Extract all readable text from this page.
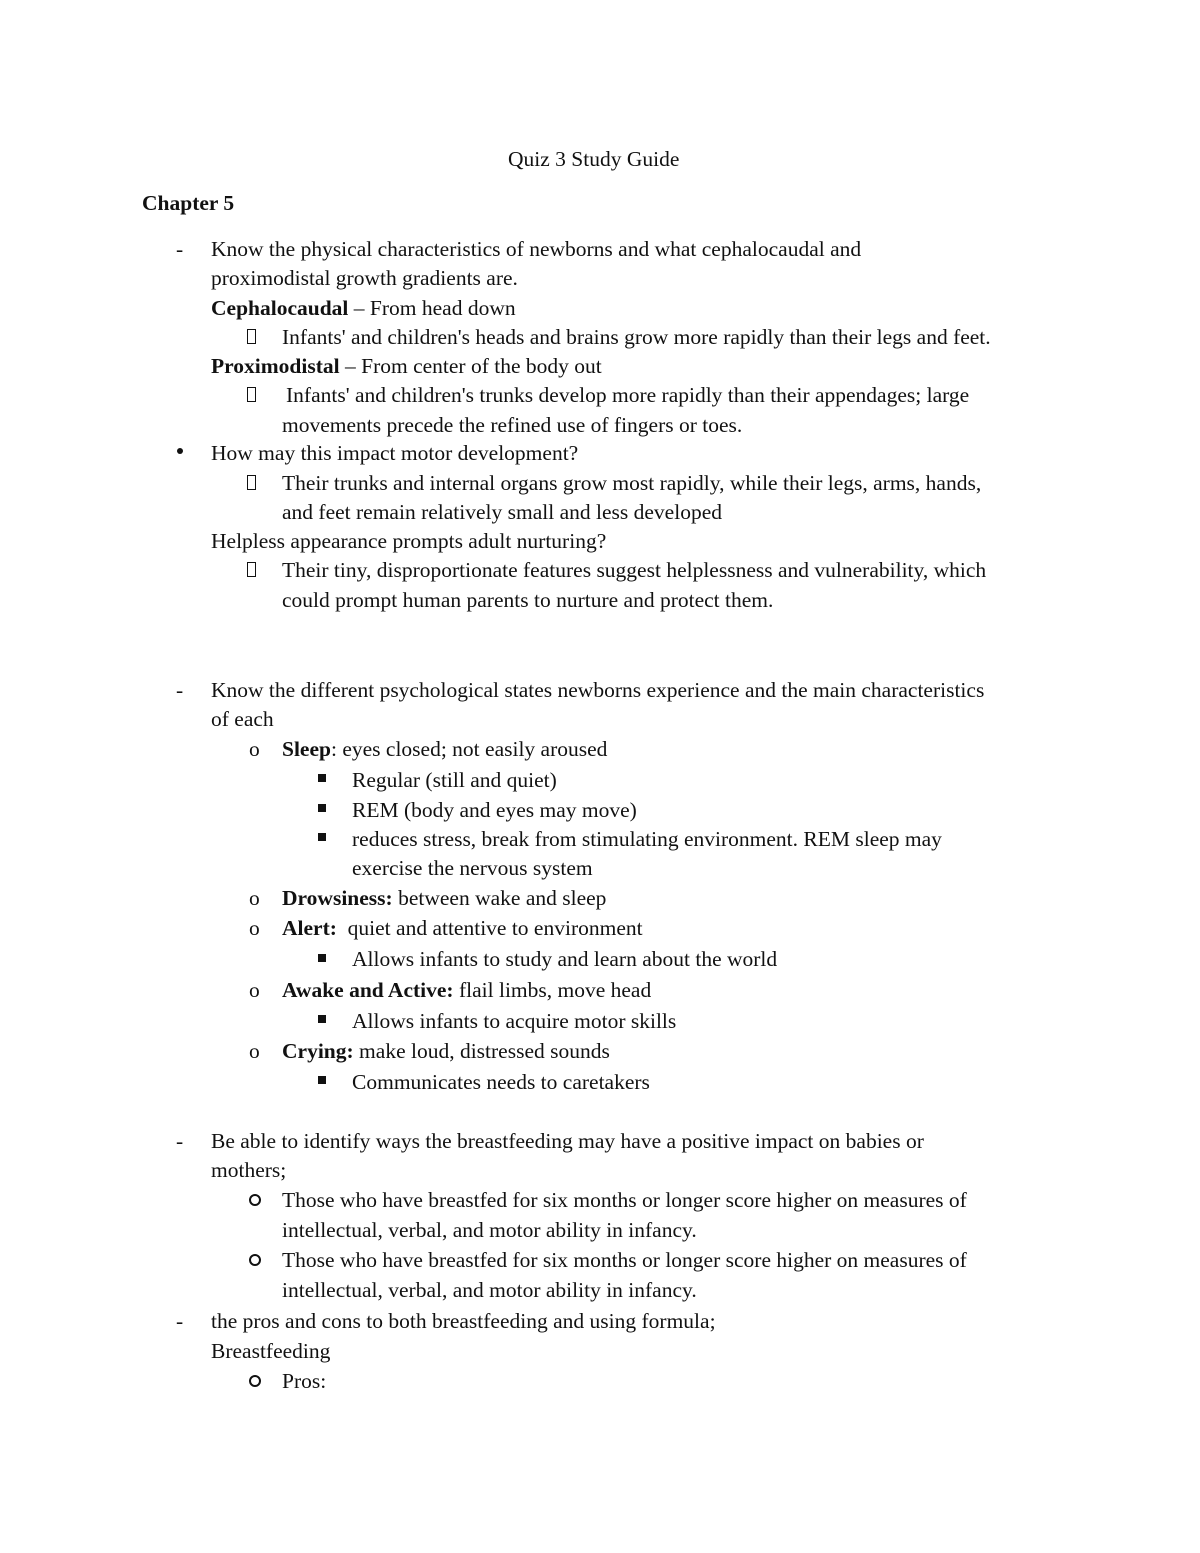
Quiz 3 Study Guide
Chapter 5
- Know the physical characteristics of newborns and what cephalocaudal and
proximodistal growth gradients are.
Cephalocaudal – From head down
Infants' and children's heads and brains grow more rapidly than their legs and feet.
Proximodistal – From center of the body out
Infants' and children's trunks develop more rapidly than their appendages; large
movements precede the refined use of fingers or toes.
How may this impact motor development?
Their trunks and internal organs grow most rapidly, while their legs, arms, hands,
and feet remain relatively small and less developed
Helpless appearance prompts adult nurturing?
Their tiny, disproportionate features suggest helplessness and vulnerability, which
could prompt human parents to nurture and protect them.
- Know the different psychological states newborns experience and the main characteristics
of each
o Sleep: eyes closed; not easily aroused
Regular (still and quiet)
REM (body and eyes may move)
reduces stress, break from stimulating environment. REM sleep may
exercise the nervous system
o Drowsiness: between wake and sleep
o Alert:  quiet and attentive to environment
Allows infants to study and learn about the world
o Awake and Active: flail limbs, move head
Allows infants to acquire motor skills
o Crying: make loud, distressed sounds
Communicates needs to caretakers
- Be able to identify ways the breastfeeding may have a positive impact on babies or
mothers;
Those who have breastfed for six months or longer score higher on measures of
intellectual, verbal, and motor ability in infancy.
Those who have breastfed for six months or longer score higher on measures of
intellectual, verbal, and motor ability in infancy.
- the pros and cons to both breastfeeding and using formula;
Breastfeeding
Pros:
